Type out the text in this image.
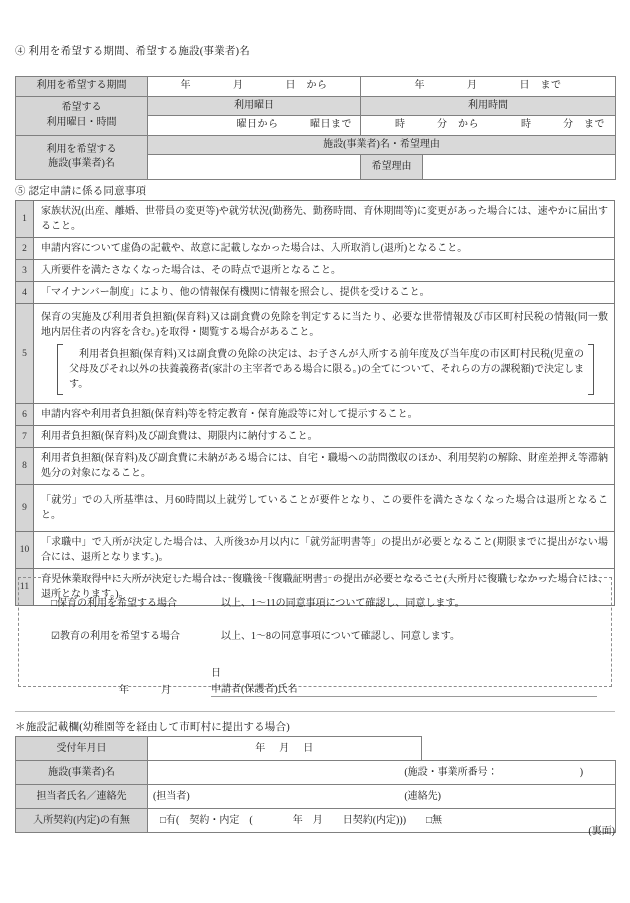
④ 利用を希望する期間、希望する施設(事業者)名
利用を希望する期間	年　　　　月　　　　日　から	年　　　　月　　　　日　まで	

希望する
利用曜日・時間	利用曜日	利用時間	
	曜日から　　　曜日まで	時　　　分　から　　　　時　　　分　まで	

利用を希望する
施設(事業者)名	施設(事業者)名・希望理由		
		希望理由	
⑤ 認定申請に係る同意事項
1	家族状況(出産、離婚、世帯員の変更等)や就労状況(勤務先、勤務時間、育休期間等)に変更があった場合には、速やかに届出すること。
2	申請内容について虚偽の記載や、故意に記載しなかった場合は、入所取消し(退所)となること。
3	入所要件を満たさなくなった場合は、その時点で退所となること。
4	「マイナンバー制度」により、他の情報保有機関に情報を照会し、提供を受けること。
5	保育の実施及び利用者負担額(保育料)又は副食費の免除を判定するに当たり、必要な世帯情報及び市区町村民税の情報(同一敷地内居住者の内容を含む。)を取得・閲覧する場合があること。
利用者負担額(保育料)又は副食費の免除の決定は、お子さんが入所する前年度及び当年度の市区町村民税(児童の父母及びそれ以外の扶養義務者(家計の主宰者である場合に限る。)の全てについて、それらの方の課税額)で決定します。

6	申請内容や利用者負担額(保育料)等を特定教育・保育施設等に対して提示すること。
7	利用者負担額(保育料)及び副食費は、期限内に納付すること。
8	利用者負担額(保育料)及び副食費に未納がある場合には、自宅・職場への訪問徴収のほか、利用契約の解除、財産差押え等滞納処分の対象になること。
9	「就労」での入所基準は、月60時間以上就労していることが要件となり、この要件を満たさなくなった場合は退所となること。
10	「求職中」で入所が決定した場合は、入所後3か月以内に「就労証明書等」の提出が必要となること(期限までに提出がない場合には、退所となります。)。
11	育児休業取得中に入所が決定した場合は、復職後「復職証明書」の提出が必要となること(入所月に復職しなかった場合には、退所となります。)。
□保育の利用を希望する場合	以上、1～11の同意事項について確認し、同意します。
☑教育の利用を希望する場合	以上、1～8の同意事項について確認し、同意します。
年	月
日
申請者(保護者)氏名
＊施設記載欄(幼稚園等を経由して市町村に提出する場合)
受付年月日	年　 月　 日	
施設(事業者)名	(施設・事業所番号： )	
担当者氏名／連絡先	(担当者) (連絡先)	
入所契約(内定)の有無	□有(　契約・内定　(　　　　年　月　　日契約(内定)))　　□無	
(裏面)
